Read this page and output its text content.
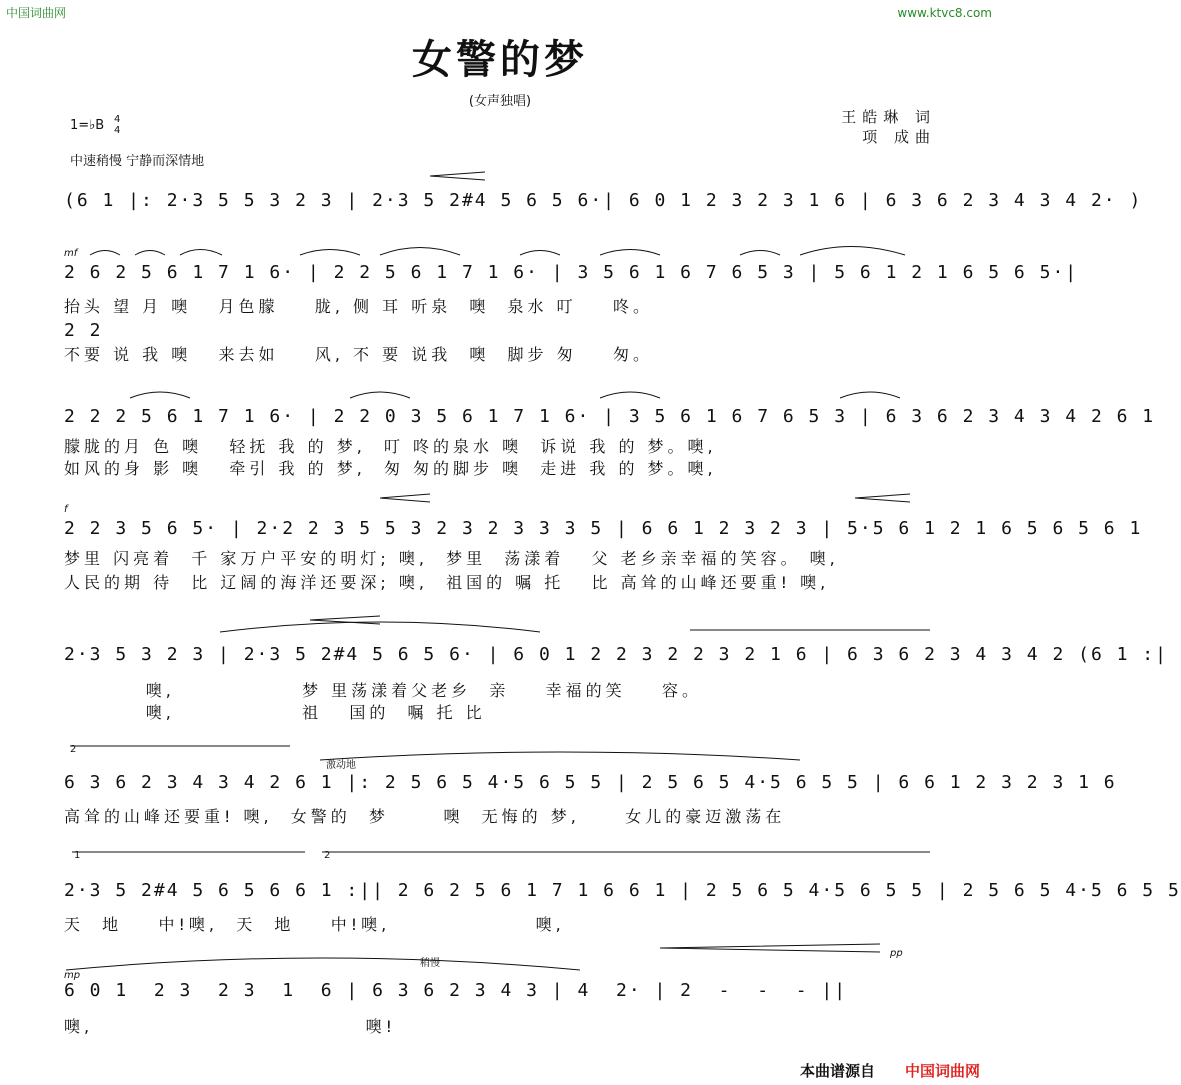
中国词曲网	www.ktvc8.com
女警的梦
(女声独唱)
王皓琳 词
项 成曲
1=♭B 4
4
中速稍慢 宁静而深情地
(6 1 |: 2·3 5 5 3 2 3 | 2·3 5 2#4 5 6 5 6·| 6 0 1 2 3 2 3 1 6 | 6 3 6 2 3 4 3 4 2· )
mf
2 6 2 5 6 1 7 1 6· | 2 2 5 6 1 7 1 6· | 3 5 6 1 6 7 6 5 3 | 5 6 1 2 1 6 5 6 5·|
抬头 望 月 噢   月色朦    胧, 侧 耳 听泉  噢  泉水 叮    咚。
2 2
不要 说 我 噢   来去如    风, 不 要 说我  噢  脚步 匆    匆。
2 2 2 5 6 1 7 1 6· | 2 2 0 3 5 6 1 7 1 6· | 3 5 6 1 6 7 6 5 3 | 6 3 6 2 3 4 3 4 2 6 1
朦胧的月 色 噢   轻抚 我 的 梦,  叮 咚的泉水 噢  诉说 我 的 梦。噢,
如风的身 影 噢   牵引 我 的 梦,  匆 匆的脚步 噢  走进 我 的 梦。噢,
f
2 2 3 5 6 5· | 2·2 2 3 5 5 3 2 3 2 3 3 3 5 | 6 6 1 2 3 2 3 | 5·5 6 1 2 1 6 5 6 5 6 1
梦里 闪亮着  千 家万户平安的明灯; 噢,  梦里  荡漾着   父 老乡亲幸福的笑容。 噢,
人民的期 待  比 辽阔的海洋还要深; 噢,  祖国的 嘱 托   比 高耸的山峰还要重! 噢,
2·3 5 3 2 3 | 2·3 5 2#4 5 6 5 6· | 6 0 1 2 2 3 2 2 3 2 1 6 | 6 3 6 2 3 4 3 4 2 (6 1 :|
噢,              梦 里荡漾着父老乡  亲    幸福的笑    容。
噢,              祖   国的  嘱 托 比
2
激动地
6 3 6 2 3 4 3 4 2 6 1 |: 2 5 6 5 4·5 6 5 5 | 2 5 6 5 4·5 6 5 5 | 6 6 1 2 3 2 3 1 6
高耸的山峰还要重! 噢,  女警的  梦      噢  无悔的 梦,     女儿的豪迈激荡在
1	2
2·3 5 2#4 5 6 5 6 6 1 :|| 2 6 2 5 6 1 7 1 6 6 1 | 2 5 6 5 4·5 6 5 5 | 2 5 6 5 4·5 6 5 5
天  地    中!噢,  天  地    中!噢,                噢,
稍慢
mp
pp
6 0 1  2 3  2 3  1  6 | 6 3 6 2 3 4 3 | 4  2· | 2  -  -  - ||
噢,                              噢!
本曲谱源自 中国词曲网
